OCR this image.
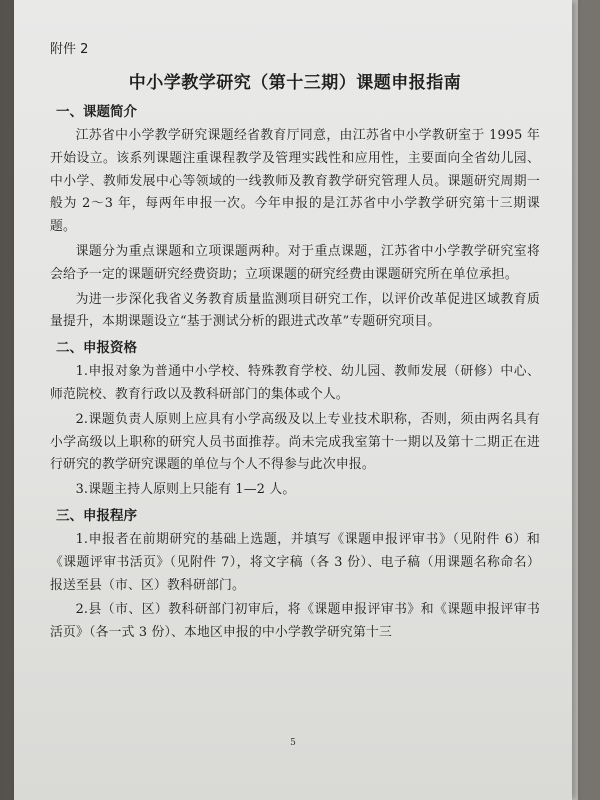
附件 2
中小学教学研究（第十三期）课题申报指南
一、课题简介

江苏省中小学教学研究课题经省教育厅同意，由江苏省中小学教研室于 1995 年开始设立。该系列课题注重课程教学及管理实践性和应用性，主要面向全省幼儿园、中小学、教师发展中心等领域的一线教师及教育教学研究管理人员。课题研究周期一般为 2～3 年，每两年申报一次。今年申报的是江苏省中小学教学研究第十三期课题。

课题分为重点课题和立项课题两种。对于重点课题，江苏省中小学教学研究室将会给予一定的课题研究经费资助；立项课题的研究经费由课题研究所在单位承担。

为进一步深化我省义务教育质量监测项目研究工作，以评价改革促进区域教育质量提升，本期课题设立“基于测试分析的跟进式改革”专题研究项目。

二、申报资格

1.申报对象为普通中小学校、特殊教育学校、幼儿园、教师发展（研修）中心、师范院校、教育行政以及教科研部门的集体或个人。

2.课题负责人原则上应具有小学高级及以上专业技术职称，否则，须由两名具有小学高级以上职称的研究人员书面推荐。尚未完成我室第十一期以及第十二期正在进行研究的教学研究课题的单位与个人不得参与此次申报。

3.课题主持人原则上只能有 1—2 人。

三、申报程序

1.申报者在前期研究的基础上选题，并填写《课题申报评审书》（见附件 6）和《课题评审书活页》（见附件 7），将文字稿（各 3 份）、电子稿（用课题名称命名）报送至县（市、区）教科研部门。

2.县（市、区）教科研部门初审后，将《课题申报评审书》和《课题申报评审书活页》（各一式 3 份）、本地区申报的中小学教学研究第十三

5
